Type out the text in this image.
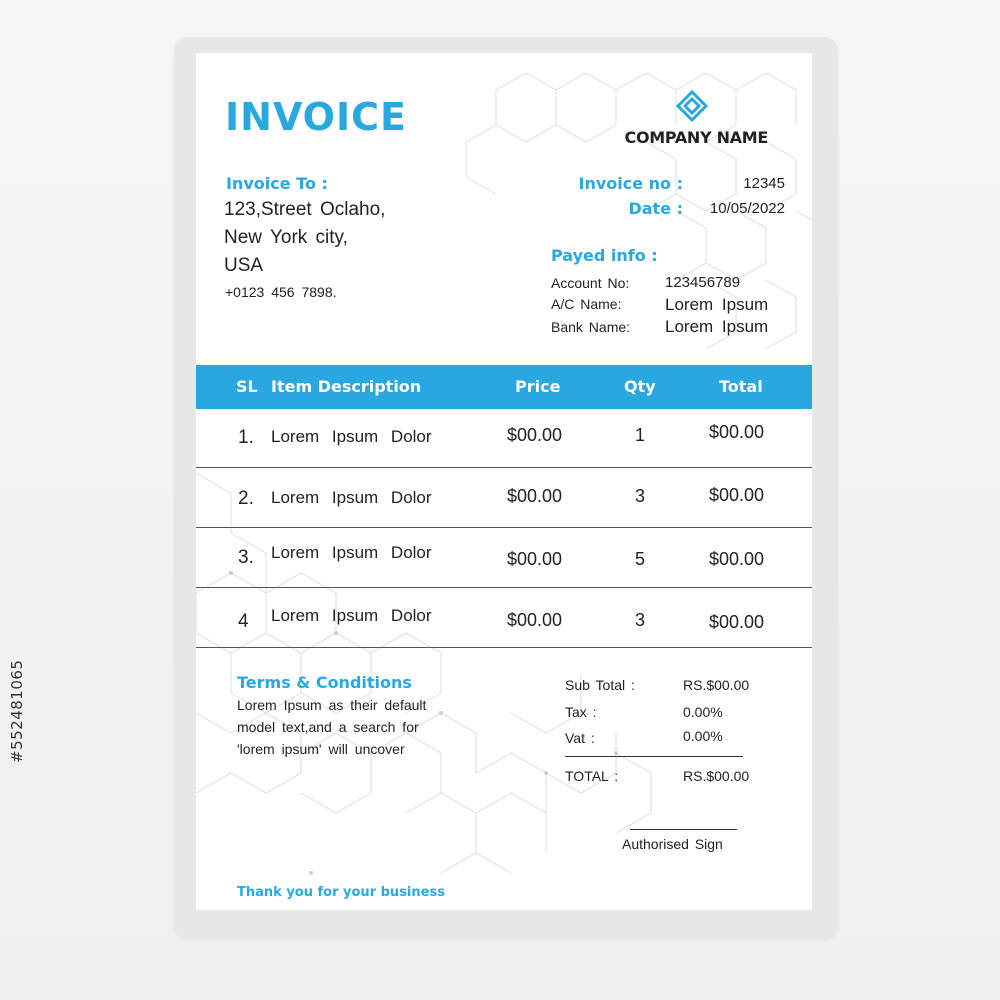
INVOICE	COMPANY NAME
Invoice To :
123,Street Oclaho,
New York city,
USA
+0123 456 7898.
Invoice no :	12345
Date : 10/05/2022
Payed info :
Account No: 123456789
A/C Name:	Lorem Ipsum
Bank Name: Lorem Ipsum
SL Item Description	Price	Qty	Total
1. Lorem Ipsum Dolor	$00.00	1	$00.00
2. Lorem Ipsum Dolor	$00.00	3	$00.00
3. Lorem Ipsum Dolor	$00.00	5	$00.00
4 Lorem Ipsum Dolor	$00.00	3	$00.00
Terms & Conditions
Lorem Ipsum as their default
model text,and a search for
'lorem ipsum' will uncover
Sub Total :	RS.$00.00
Tax :	0.00%
Vat :	0.00%
TOTAL :	RS.$00.00
Authorised Sign
Thank you for your business
#552481065
